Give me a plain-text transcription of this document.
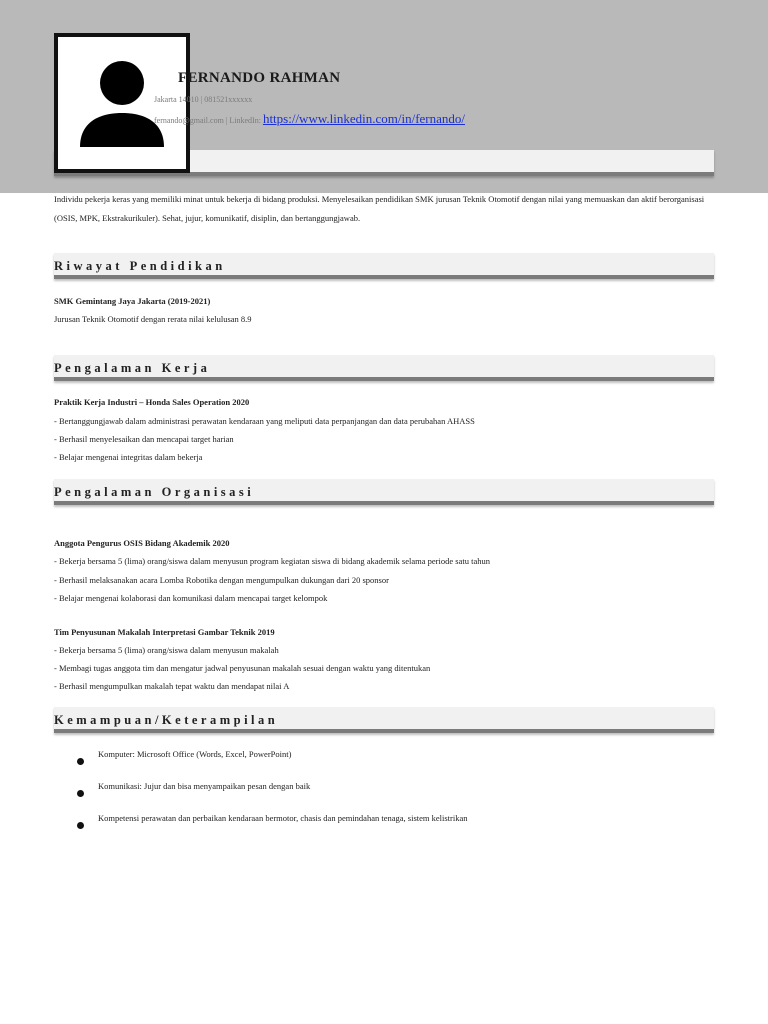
FERNANDO RAHMAN
Jakarta 14010 | 081521xxxxxx
fernando@gmail.com | LinkedIn: https://www.linkedin.com/in/fernando/
Individu pekerja keras yang memiliki minat untuk bekerja di bidang produksi. Menyelesaikan pendidikan SMK jurusan Teknik Otomotif dengan nilai yang memuaskan dan aktif berorganisasi (OSIS, MPK, Ekstrakurikuler). Sehat, jujur, komunikatif, disiplin, dan bertanggungjawab.
Riwayat Pendidikan
SMK Gemintang Jaya Jakarta (2019-2021)
Jurusan Teknik Otomotif dengan rerata nilai kelulusan 8.9
Pengalaman Kerja
Praktik Kerja Industri – Honda Sales Operation 2020
- Bertanggungjawab dalam administrasi perawatan kendaraan yang meliputi data perpanjangan dan data perubahan AHASS
- Berhasil menyelesaikan dan mencapai target harian
- Belajar mengenai integritas dalam bekerja
Pengalaman Organisasi
Anggota Pengurus OSIS Bidang Akademik 2020
- Bekerja bersama 5 (lima) orang/siswa dalam menyusun program kegiatan siswa di bidang akademik selama periode satu tahun
- Berhasil melaksanakan acara Lomba Robotika dengan mengumpulkan dukungan dari 20 sponsor
- Belajar mengenai kolaborasi dan komunikasi dalam mencapai target kelompok
Tim Penyusunan Makalah Interpretasi Gambar Teknik 2019
- Bekerja bersama 5 (lima) orang/siswa dalam menyusun makalah
- Membagi tugas anggota tim dan mengatur jadwal penyusunan makalah sesuai dengan waktu yang ditentukan
- Berhasil mengumpulkan makalah tepat waktu dan mendapat nilai A
Kemampuan/Keterampilan
Komputer: Microsoft Office (Words, Excel, PowerPoint)
Komunikasi: Jujur dan bisa menyampaikan pesan dengan baik
Kompetensi perawatan dan perbaikan kendaraan bermotor, chasis dan pemindahan tenaga, sistem kelistrikan
